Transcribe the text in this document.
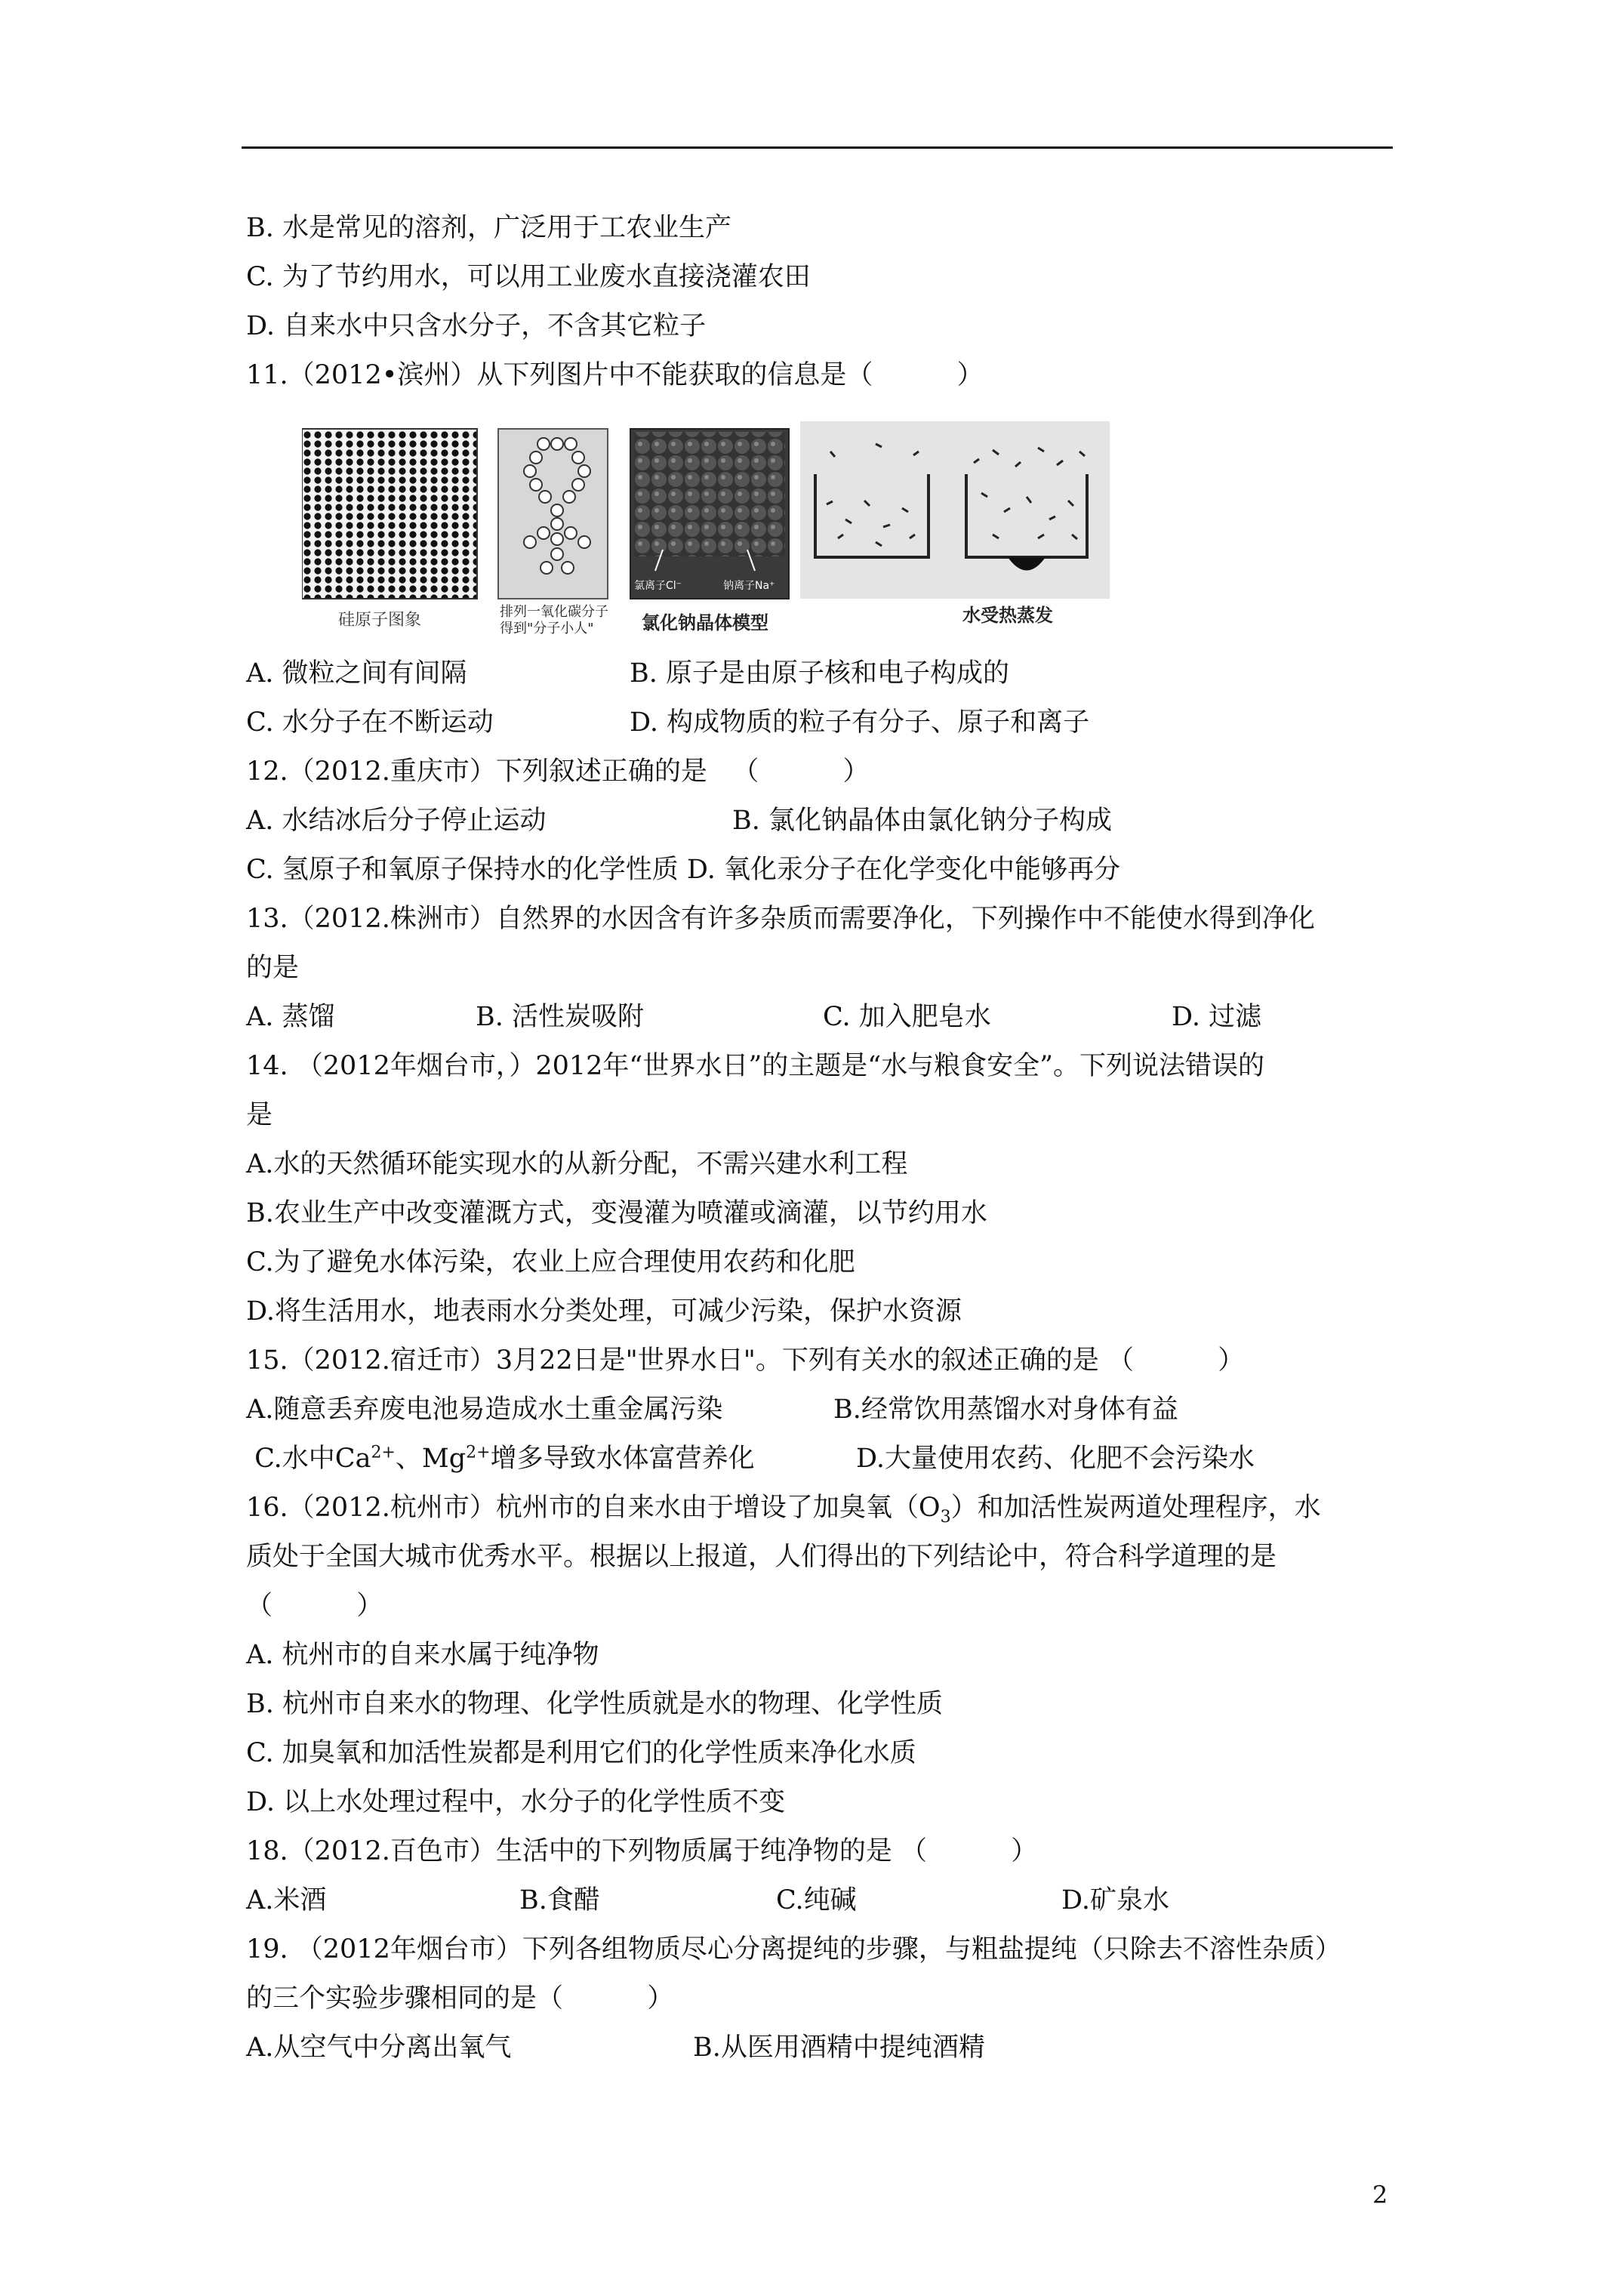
B. 水是常见的溶剂，广泛用于工农业生产
C. 为了节约用水，可以用工业废水直接浇灌农田
D. 自来水中只含水分子，不含其它粒子
11.（2012•滨州）从下列图片中不能获取的信息是（          ）
硅原子图象	排列一氧化碳分子
得到"分子小人"
氯离子Cl⁻	钠离子Na⁺
氯化钠晶体模型	水受热蒸发
A. 微粒之间有间隔	B. 原子是由原子核和电子构成的
C. 水分子在不断运动	D. 构成物质的粒子有分子、原子和离子
12.（2012.重庆市）下列叙述正确的是   （          ）
A. 水结冰后分子停止运动	B. 氯化钠晶体由氯化钠分子构成
C. 氢原子和氧原子保持水的化学性质 D. 氧化汞分子在化学变化中能够再分
13.（2012.株洲市）自然界的水因含有许多杂质而需要净化，下列操作中不能使水得到净化
的是
A. 蒸馏	B. 活性炭吸附	C. 加入肥皂水	D. 过滤
14. （2012年烟台市，）2012年“世界水日”的主题是“水与粮食安全”。下列说法错误的
是
A.水的天然循环能实现水的从新分配，不需兴建水利工程
B.农业生产中改变灌溉方式，变漫灌为喷灌或滴灌，以节约用水
C.为了避免水体污染，农业上应合理使用农药和化肥
D.将生活用水，地表雨水分类处理，可减少污染，保护水资源
15.（2012.宿迁市）3月22日是"世界水日"。下列有关水的叙述正确的是 （          ）
A.随意丢弃废电池易造成水土重金属污染	B.经常饮用蒸馏水对身体有益
C.水中$Ca^{2+}$、$Mg^{2+}$增多导致水体富营养化	D.大量使用农药、化肥不会污染水
16.（2012.杭州市）杭州市的自来水由于增设了加臭氧$(O_3)$和加活性炭两道处理程序，水
质处于全国大城市优秀水平。根据以上报道，人们得出的下列结论中，符合科学道理的是
（          ）
A. 杭州市的自来水属于纯净物
B. 杭州市自来水的物理、化学性质就是水的物理、化学性质
C. 加臭氧和加活性炭都是利用它们的化学性质来净化水质
D. 以上水处理过程中，水分子的化学性质不变
18.（2012.百色市）生活中的下列物质属于纯净物的是 （          ）
A.米酒	B.食醋	C.纯碱	D.矿泉水
19. （2012年烟台市）下列各组物质尽心分离提纯的步骤，与粗盐提纯（只除去不溶性杂质）
的三个实验步骤相同的是（          ）
A.从空气中分离出氧气	B.从医用酒精中提纯酒精
2
